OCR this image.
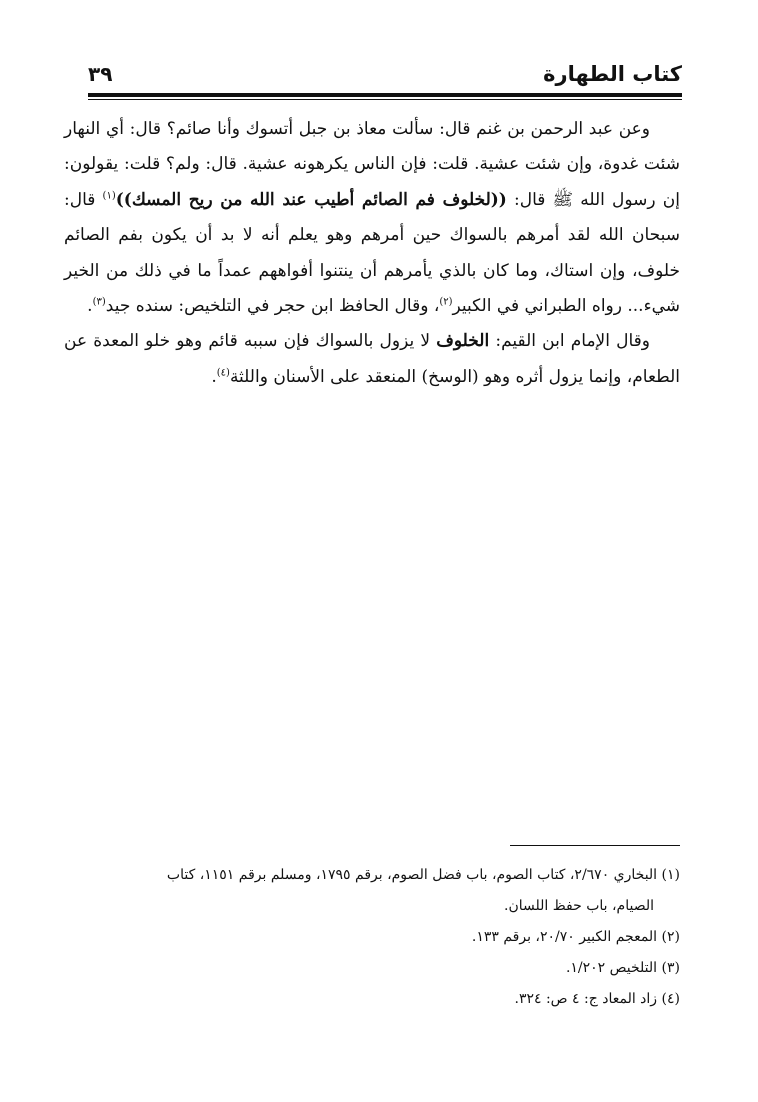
كتاب الطهارة
٣٩

وعن عبد الرحمن بن غنم قال: سألت معاذ بن جبل أتسوك وأنا صائم؟ قال: أي النهار شئت غدوة، وإن شئت عشية. قلت: فإن الناس يكرهونه عشية. قال: ولم؟ قلت: يقولون: إن رسول الله ﷺ قال: ((لخلوف فم الصائم أطيب عند الله من ريح المسك))$^{(١)}$ قال: سبحان الله لقد أمرهم بالسواك حين أمرهم وهو يعلم أنه لا بد أن يكون بفم الصائم خلوف، وإن استاك، وما كان بالذي يأمرهم أن ينتنوا أفواههم عمداً ما في ذلك من الخير شيء... رواه الطبراني في الكبير$^{(٢)}$، وقال الحافظ ابن حجر في التلخيص: سنده جيد$^{(٣)}$.

وقال الإمام ابن القيم: الخلوف لا يزول بالسواك فإن سببه قائم وهو خلو المعدة عن الطعام، وإنما يزول أثره وهو (الوسخ) المنعقد على الأسنان واللثة$^{(٤)}$.

(١) البخاري ٢/٦٧٠، كتاب الصوم، باب فضل الصوم، برقم ١٧٩٥، ومسلم برقم ١١٥١، كتاب
الصيام، باب حفظ اللسان.
(٢) المعجم الكبير ٢٠/٧٠، برقم ١٣٣.
(٣) التلخيص ١/٢٠٢.
(٤) زاد المعاد ج: ٤ ص: ٣٢٤.
